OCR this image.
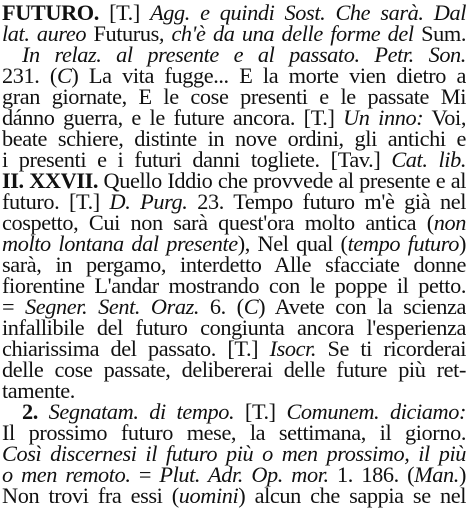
FUTURO. [T.] Agg. e quindi Sost. Che sarà. Dal
lat. aureo Futurus, ch'è da una delle forme del Sum.
In relaz. al presente e al passato. Petr. Son.
231. (C) La vita fugge... E la morte vien dietro a
gran giornate, E le cose presenti e le passate Mi
dánno guerra, e le future ancora. [T.] Un inno: Voi,
beate schiere, distinte in nove ordini, gli antichi e
i presenti e i futuri danni togliete. [Tav.] Cat. lib.
II. XXVII. Quello Iddio che provvede al presente e al
futuro. [T.] D. Purg. 23. Tempo futuro m'è già nel
cospetto, Cui non sarà quest'ora molto antica (non
molto lontana dal presente), Nel qual (tempo futuro)
sarà, in pergamo, interdetto Alle sfacciate donne
fiorentine L'andar mostrando con le poppe il petto.
= Segner. Sent. Oraz. 6. (C) Avete con la scienza
infallibile del futuro congiunta ancora l'esperienza
chiarissima del passato. [T.] Isocr. Se ti ricorderai
delle cose passate, delibererai delle future più ret-
tamente.
2. Segnatam. di tempo. [T.] Comunem. diciamo:
Il prossimo futuro mese, la settimana, il giorno.
Così discernesi il futuro più o men prossimo, il più
o men remoto. = Plut. Adr. Op. mor. 1. 186. (Man.)
Non trovi fra essi (uomini) alcun che sappia se nel
